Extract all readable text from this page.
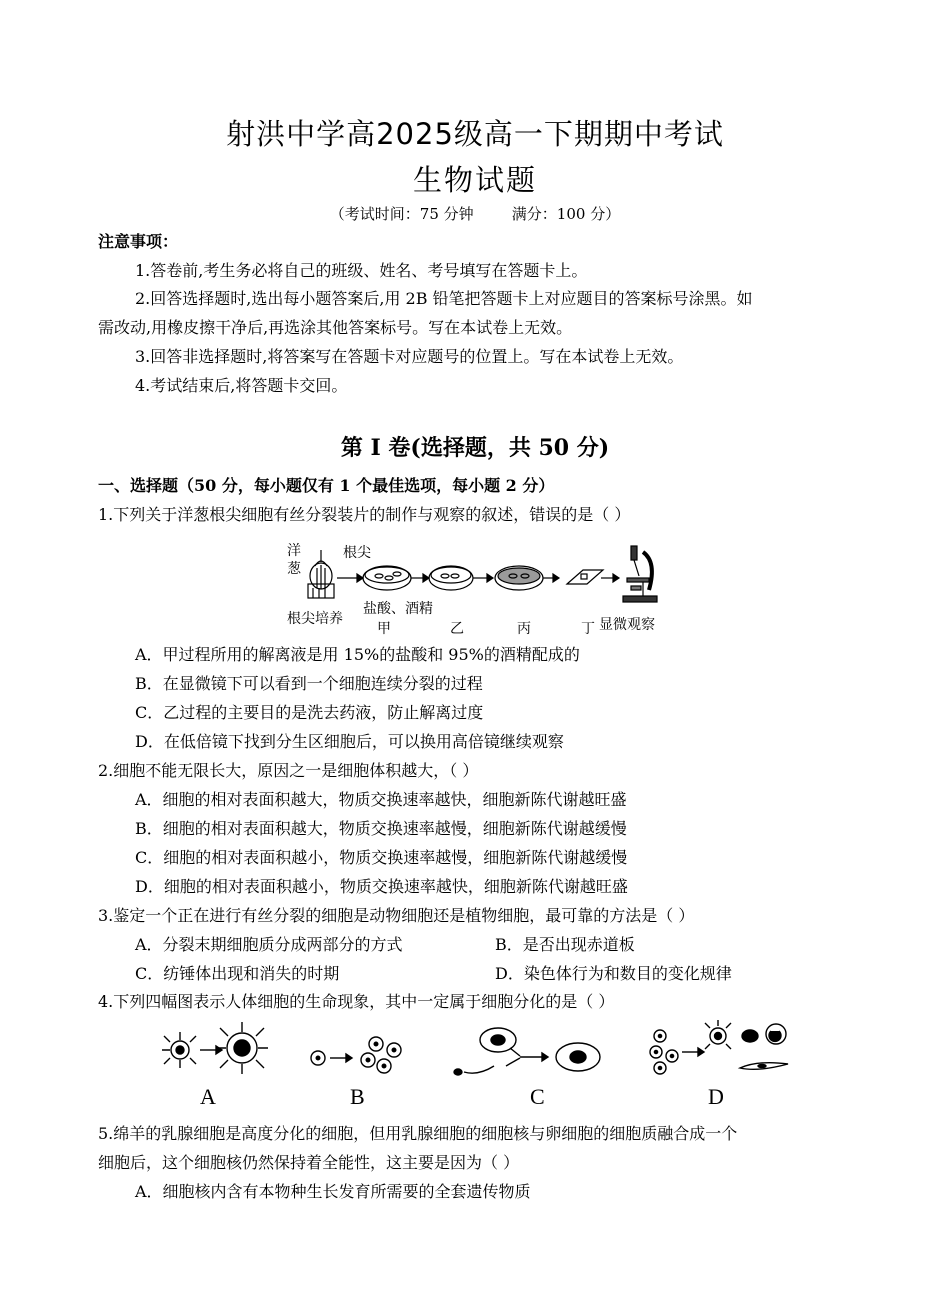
射洪中学高2025级高一下期期中考试
生物试题
（考试时间：75 分钟        满分：100 分）
注意事项：
1.答卷前,考生务必将自己的班级、姓名、考号填写在答题卡上。
2.回答选择题时,选出每小题答案后,用 2B 铅笔把答题卡上对应题目的答案标号涂黑。如
需改动,用橡皮擦干净后,再选涂其他答案标号。写在本试卷上无效。
3.回答非选择题时,将答案写在答题卡对应题号的位置上。写在本试卷上无效。
4.考试结束后,将答题卡交回。
第 I 卷(选择题，共 50 分)
一、选择题（50 分，每小题仅有 1 个最佳选项，每小题 2 分）
1.下列关于洋葱根尖细胞有丝分裂装片的制作与观察的叙述，错误的是（ ）
洋
葱
根尖
根尖培养
盐酸、酒精
甲	乙	丙	丁 显微观察
A．甲过程所用的解离液是用 15%的盐酸和 95%的酒精配成的
B．在显微镜下可以看到一个细胞连续分裂的过程
C．乙过程的主要目的是洗去药液，防止解离过度
D．在低倍镜下找到分生区细胞后，可以换用高倍镜继续观察
2.细胞不能无限长大，原因之一是细胞体积越大，（ ）
A．细胞的相对表面积越大，物质交换速率越快，细胞新陈代谢越旺盛
B．细胞的相对表面积越大，物质交换速率越慢，细胞新陈代谢越缓慢
C．细胞的相对表面积越小，物质交换速率越慢，细胞新陈代谢越缓慢
D．细胞的相对表面积越小，物质交换速率越快，细胞新陈代谢越旺盛
3.鉴定一个正在进行有丝分裂的细胞是动物细胞还是植物细胞，最可靠的方法是（ ）
A．分裂末期细胞质分成两部分的方式	B．是否出现赤道板
C．纺锤体出现和消失的时期	D．染色体行为和数目的变化规律
4.下列四幅图表示人体细胞的生命现象，其中一定属于细胞分化的是（ ）
A	B	C	D
5.绵羊的乳腺细胞是高度分化的细胞，但用乳腺细胞的细胞核与卵细胞的细胞质融合成一个
细胞后，这个细胞核仍然保持着全能性，这主要是因为（ ）
A．细胞核内含有本物种生长发育所需要的全套遗传物质
